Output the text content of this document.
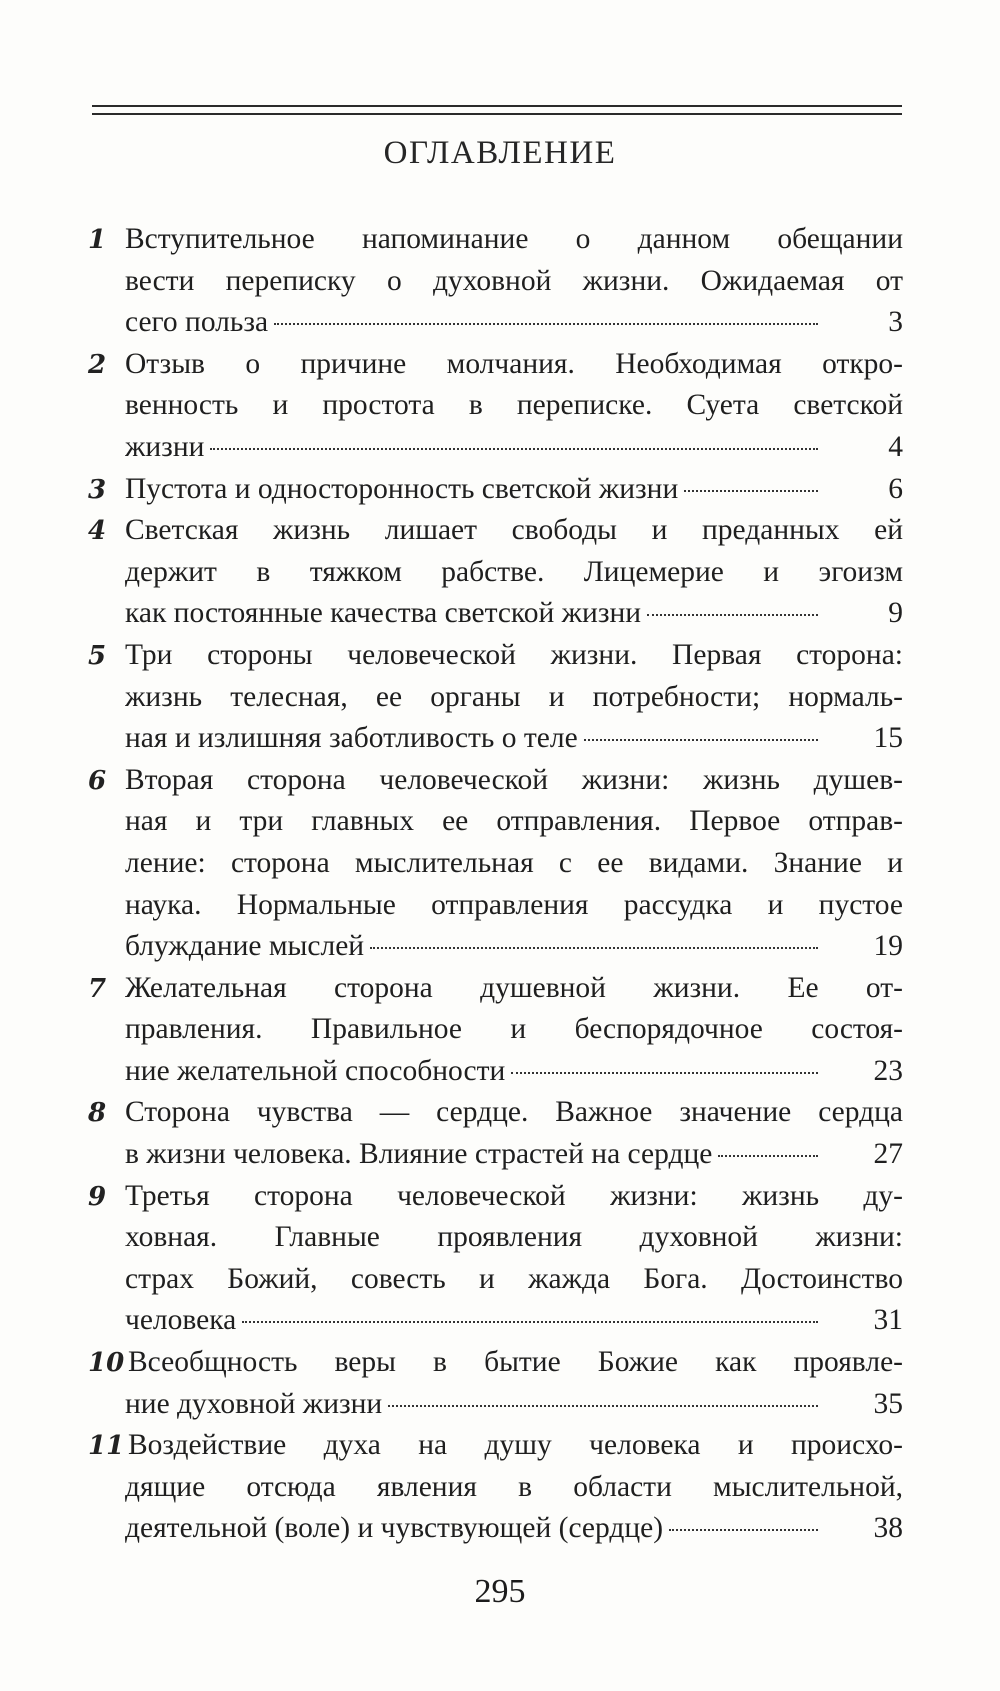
ОГЛАВЛЕНИЕ
1 Вступительное напоминание о данном обещании
вести переписку о духовной жизни. Ожидаемая от
сего польза	3
2 Отзыв о причине молчания. Необходимая откро-
венность и простота в переписке. Суета светской
жизни	4
3 Пустота и односторонность светской жизни	6
4 Светская жизнь лишает свободы и преданных ей
держит в тяжком рабстве. Лицемерие и эгоизм
как постоянные качества светской жизни	9
5 Три стороны человеческой жизни. Первая сторона:
жизнь телесная, ее органы и потребности; нормаль-
ная и излишняя заботливость о теле	15
6 Вторая сторона человеческой жизни: жизнь душев-
ная и три главных ее отправления. Первое отправ-
ление: сторона мыслительная с ее видами. Знание и
наука. Нормальные отправления рассудка и пустое
блуждание мыслей	19
7 Желательная сторона душевной жизни. Ее от-
правления. Правильное и беспорядочное состоя-
ние желательной способности	23
8 Сторона чувства — сердце. Важное значение сердца
в жизни человека. Влияние страстей на сердце	27
9 Третья сторона человеческой жизни: жизнь ду-
ховная. Главные проявления духовной жизни:
страх Божий, совесть и жажда Бога. Достоинство
человека	31
10 Всеобщность веры в бытие Божие как проявле-
ние духовной жизни	35
11 Воздействие духа на душу человека и происхо-
дящие отсюда явления в области мыслительной,
деятельной (воле) и чувствующей (сердце)	38
295
